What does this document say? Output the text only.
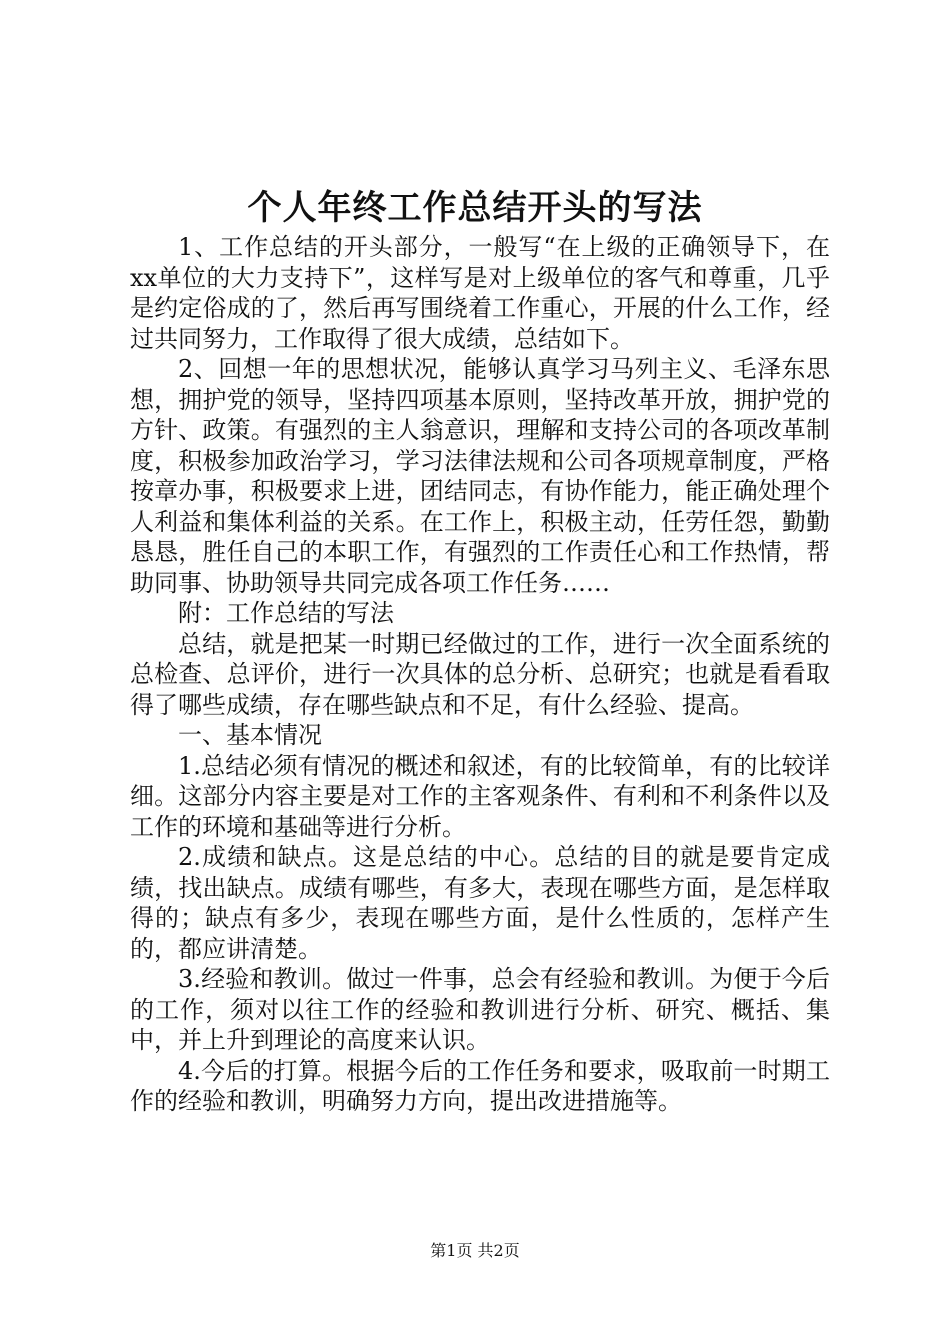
个人年终工作总结开头的写法

1、工作总结的开头部分，一般写“在上级的正确领导下，在xx单位的大力支持下”，这样写是对上级单位的客气和尊重，几乎是约定俗成的了，然后再写围绕着工作重心，开展的什么工作，经过共同努力，工作取得了很大成绩，总结如下。

2、回想一年的思想状况，能够认真学习马列主义、毛泽东思想，拥护党的领导，坚持四项基本原则，坚持改革开放，拥护党的方针、政策。有强烈的主人翁意识，理解和支持公司的各项改革制度，积极参加政治学习，学习法律法规和公司各项规章制度，严格按章办事，积极要求上进，团结同志，有协作能力，能正确处理个人利益和集体利益的关系。在工作上，积极主动，任劳任怨，勤勤恳恳，胜任自己的本职工作，有强烈的工作责任心和工作热情，帮助同事、协助领导共同完成各项工作任务……

附：工作总结的写法

总结，就是把某一时期已经做过的工作，进行一次全面系统的总检查、总评价，进行一次具体的总分析、总研究；也就是看看取得了哪些成绩，存在哪些缺点和不足，有什么经验、提高。

一、基本情况

1.总结必须有情况的概述和叙述，有的比较简单，有的比较详细。这部分内容主要是对工作的主客观条件、有利和不利条件以及工作的环境和基础等进行分析。

2.成绩和缺点。这是总结的中心。总结的目的就是要肯定成绩，找出缺点。成绩有哪些，有多大，表现在哪些方面，是怎样取得的；缺点有多少，表现在哪些方面，是什么性质的，怎样产生的，都应讲清楚。

3.经验和教训。做过一件事，总会有经验和教训。为便于今后的工作，须对以往工作的经验和教训进行分析、研究、概括、集中，并上升到理论的高度来认识。

4.今后的打算。根据今后的工作任务和要求，吸取前一时期工作的经验和教训，明确努力方向，提出改进措施等。

第1页 共2页
